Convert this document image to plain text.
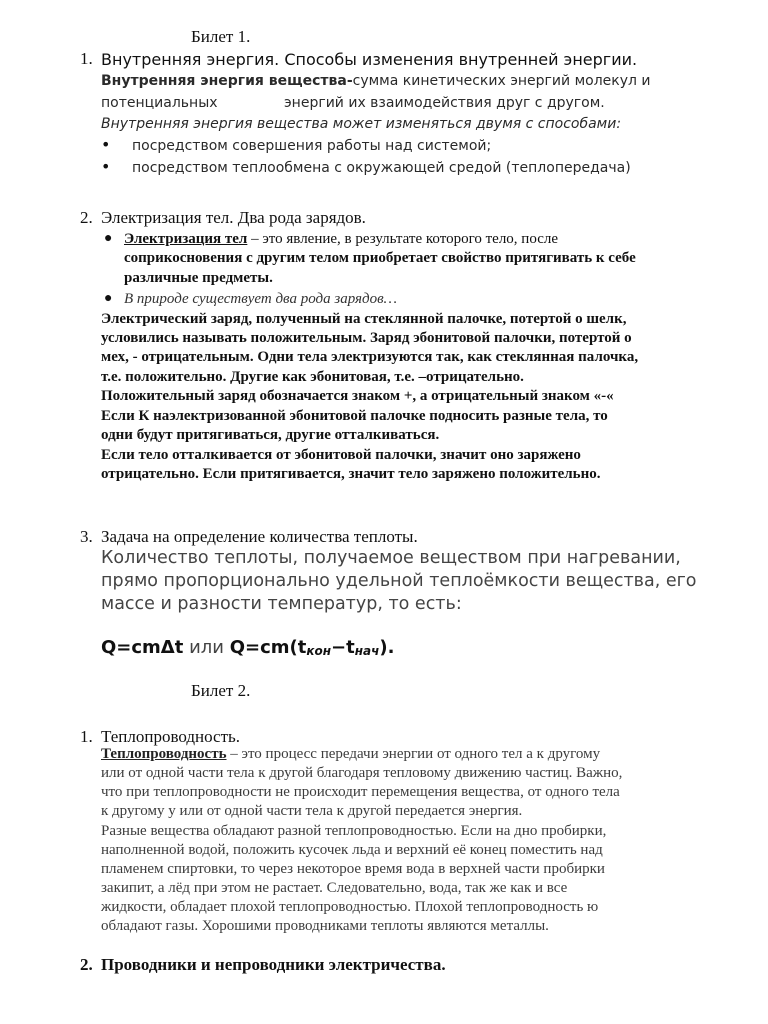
Билет 1.
1. Внутренняя энергия. Способы изменения внутренней энергии.
Внутренняя энергия вещества-сумма кинетических энергий молекул и
потенциальных	энергий их взаимодействия друг с другом.
Внутренняя энергия вещества может изменяться двумя с способами:
• посредством совершения работы над системой;
• посредством теплообмена с окружающей средой (теплопередача)
2. Электризация тел. Два рода зарядов.
● Электризация тел – это явление, в результате которого тело, после
соприкосновения с другим телом приобретает свойство притягивать к себе
различные предметы.
● В природе существует два рода зарядов…
Электрический заряд, полученный на стеклянной палочке, потертой о шелк,
условились называть положительным. Заряд эбонитовой палочки, потертой о
мех, - отрицательным. Одни тела электризуются так, как стеклянная палочка,
т.е. положительно. Другие как эбонитовая, т.е. –отрицательно.
Положительный заряд обозначается знаком +, а отрицательный знаком «-«
Если К наэлектризованной эбонитовой палочке подносить разные тела, то
одни будут притягиваться, другие отталкиваться.
Если тело отталкивается от эбонитовой палочки, значит оно заряжено
отрицательно. Если притягивается, значит тело заряжено положительно.
3. Задача на определение количества теплоты.
Количество теплоты, получаемое веществом при нагревании,
прямо пропорционально удельной теплоёмкости вещества, его
массе и разности температур, то есть:
Q=cmΔt или $Q=cm(t_{кон}-t_{нач})$.
Билет 2.
1. Теплопроводность.
Теплопроводность – это процесс передачи энергии от одного тел а к другому
или от одной части тела к другой благодаря тепловому движению частиц. Важно,
что при теплопроводности не происходит перемещения вещества, от одного тела
к другому у или от одной части тела к другой передается энергия.
Разные вещества обладают разной теплопроводностью. Если на дно пробирки,
наполненной водой, положить кусочек льда и верхний её конец поместить над
пламенем спиртовки, то через некоторое время вода в верхней части пробирки
закипит, а лёд при этом не растает. Следовательно, вода, так же как и все
жидкости, обладает плохой теплопроводностью. Плохой теплопроводность ю
обладают газы. Хорошими проводниками теплоты являются металлы.
2. Проводники и непроводники электричества.
